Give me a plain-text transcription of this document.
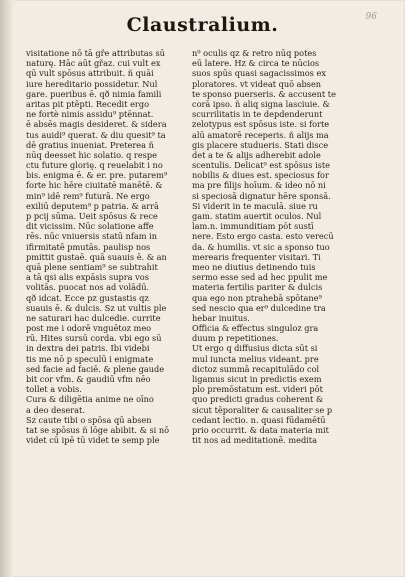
96
Claustralium.
visitatione nō tā gře attributas sū
naturę. Hāc aūt gřaz. cui vult ex
qū vult spōsus attribuit. ñ quāi
iure hereditario possidetur. Nul
gare. pueribus ē. qð nimia famili
aritas pit ptēpti. Recedit ergo
ne fortè nimis assidu⁹ ptēnnat.
ē absēs magis desideret. & sidera
tus auidi⁹ querat. & diu quesit⁹ ta
dē gratius inueniat. Preterea ñ
nūq deesset hic solatio. q respe
ctu future glorię. q reuelabit i no
bis. enigma ē. & er. pre. putarem⁹
forte hic hēre ciuitatē manētē. &
min⁹ idē rem⁹ futurā. Ne ergo
exiliū deputem⁹ p patria. & arrā
p pcij sūma. Ueit spōsus & rece
dit vicissim. Nūc solatione affe
rēs. nūc vniuersis statū nfam in
ifirmitatē pmutās. paulisp nos
pmittit gustaē. quā suauis ē. & an
quā plene sentiam⁹ se subtrahit
a tā qsi alis expāsis supra vos
volitās. puocat nos ad volādū.
qð idcat. Ecce pz gustastis qz
suauis ē. & dulcis. Sz ut vultis ple
ne saturari hac dulcedie. currite
post me i odorē vnguētoz meo
rū. Hites sursū corda. vbi ego sū
in dextra dei patris. Ibi videbi
tis me nō p speculū i enigmate
sed facie ad faciē. & plene gaude
bit cor vfm. & gaudiū vfm nēo
tollet a vobis.
Cura & diligētia anime ne oīno
a deo deserat.
Sz caute tibi o spōsa qū absen
tat se spōsus ñ lōge abibit. & si nō
videt cū ipē tū videt te semp ple
n⁹ oculis qz & retro nūq potes
eū latere. Hz & circa te nūcios
suos spūs quasi sagacissimos ex
ploratores. vt videat quō absen
te sponso puerseris. & accusent te
corā ipso. ñ aliq signa lasciuie. &
scurrilitatis in te depdenderunt
zelotypus est spōsus iste. si forte
alū amatorē receperis. ñ alijs ma
gis placere studueris. Stati disce
det a te & alijs adherebit adole
scentulis. Delicat⁹ est spōsus iste
nobilis & diues est. speciosus for
ma pre filijs hoīum. & ideo nō ni
si speciosā dignatur hēre sponsā.
Si viderit in te maculā. siue ru
gam. statim auertit oculos. Nul
lam.n. immunditiam pōt sustī
nere. Esto ergo casta. esto verecū
da. & humilis. vt sic a sponso tuo
merearis frequenter visitari. Ti
meo ne diutius detinendo tuis
sermo esse sed ad hec ppulit me
materia fertilis pariter & dulcis
qua ego non ptrahebā spōtane⁹
sed nescio qua er⁹ dulcedine tra
hebar inuitus.
Officia & effectus singuloz gra
duum p repetitiones.
Ut ergo q diffusius dicta sūt si
mul iuncta melius videant. pre
dictoz summā recapitulādo col
ligamus sicut in predictis exem
plo premōstatum est. videri pōt
quo predicti gradus coherent &
sicut tēporaliter & causaliter se p
cedant lectio. n. quasi fūdamētū
prio occurrit. & data materia mit
tit nos ad meditationē. medita
